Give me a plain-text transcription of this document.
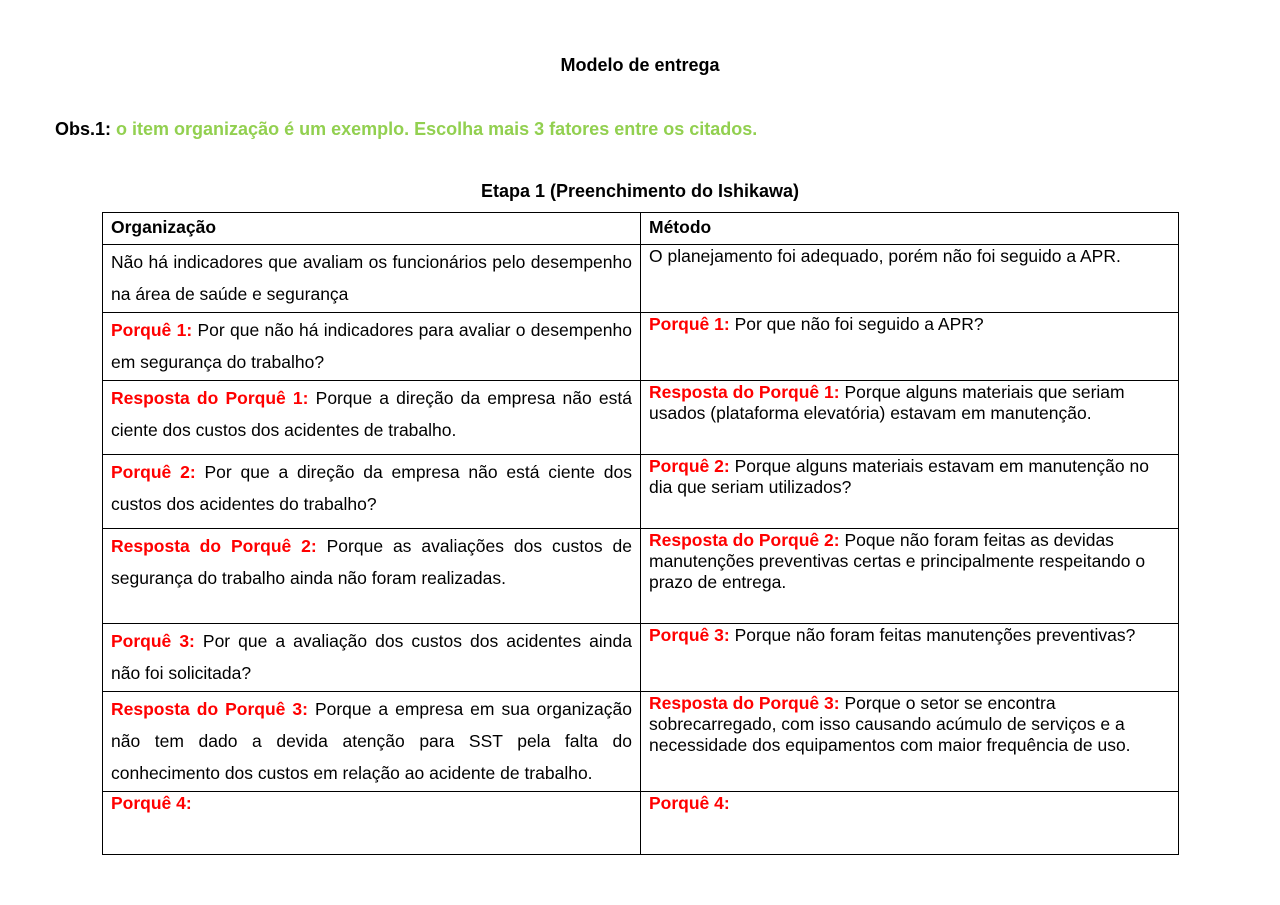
Modelo de entrega
Obs.1: o item organização é um exemplo. Escolha mais 3 fatores entre os citados.
Etapa 1 (Preenchimento do Ishikawa)
Organização	Método
Não há indicadores que avaliam os funcionários pelo desempenho na área de saúde e segurança	O planejamento foi adequado, porém não foi seguido a APR.
Porquê 1: Por que não há indicadores para avaliar o desempenho em segurança do trabalho?	Porquê 1: Por que não foi seguido a APR?
Resposta do Porquê 1: Porque a direção da empresa não está ciente dos custos dos acidentes de trabalho.	Resposta do Porquê 1: Porque alguns materiais que seriam usados (plataforma elevatória) estavam em manutenção.
Porquê 2: Por que a direção da empresa não está ciente dos custos dos acidentes do trabalho?	Porquê 2: Porque alguns materiais estavam em manutenção no dia que seriam utilizados?
Resposta do Porquê 2: Porque as avaliações dos custos de segurança do trabalho ainda não foram realizadas.	Resposta do Porquê 2: Poque não foram feitas as devidas manutenções preventivas certas e principalmente respeitando o prazo de entrega.
Porquê 3: Por que a avaliação dos custos dos acidentes ainda não foi solicitada?	Porquê 3: Porque não foram feitas manutenções preventivas?
Resposta do Porquê 3: Porque a empresa em sua organização não tem dado a devida atenção para SST pela falta do conhecimento dos custos em relação ao acidente de trabalho.	Resposta do Porquê 3: Porque o setor se encontra sobrecarregado, com isso causando acúmulo de serviços e a necessidade dos equipamentos com maior frequência de uso.
Porquê 4:	Porquê 4:
